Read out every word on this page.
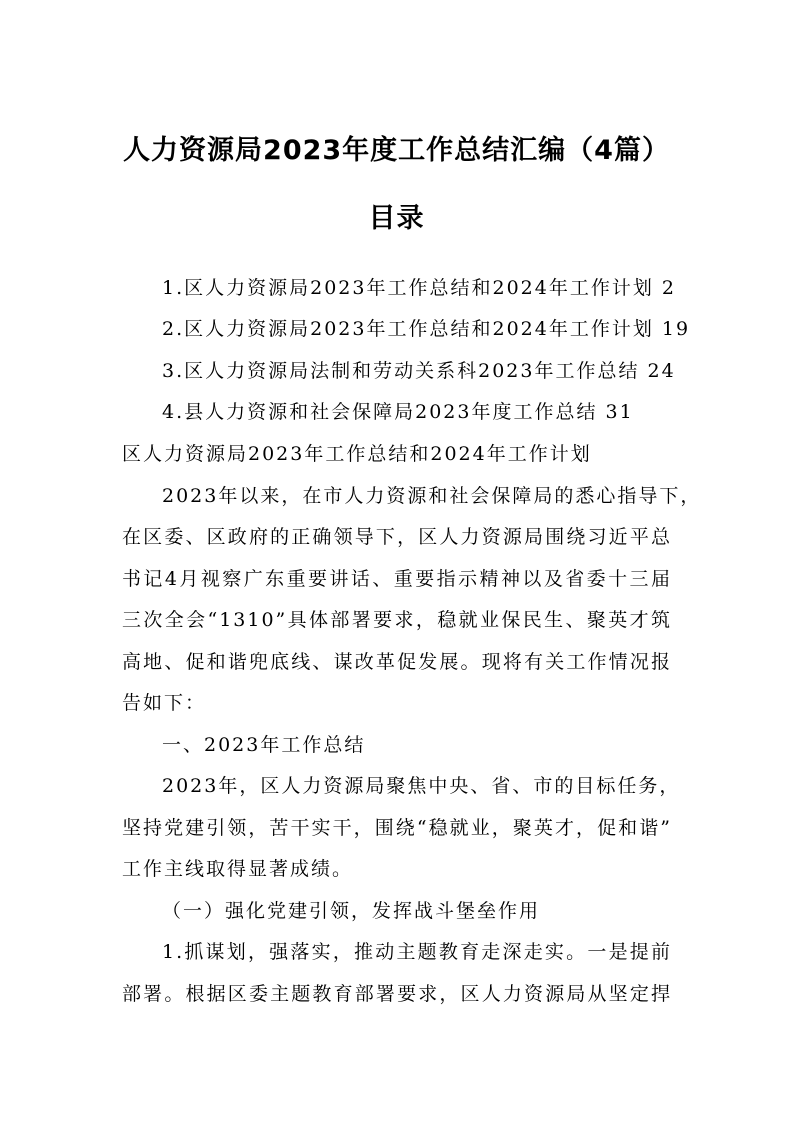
人力资源局2023年度工作总结汇编（4篇）
目录
1.区人力资源局2023年工作总结和2024年工作计划 2
2.区人力资源局2023年工作总结和2024年工作计划 19
3.区人力资源局法制和劳动关系科2023年工作总结 24
4.县人力资源和社会保障局2023年度工作总结 31
区人力资源局2023年工作总结和2024年工作计划
2023年以来，在市人力资源和社会保障局的悉心指导下，
在区委、区政府的正确领导下，区人力资源局围绕习近平总
书记4月视察广东重要讲话、重要指示精神以及省委十三届
三次全会“1310”具体部署要求，稳就业保民生、聚英才筑
高地、促和谐兜底线、谋改革促发展。现将有关工作情况报
告如下：
一、2023年工作总结
2023年，区人力资源局聚焦中央、省、市的目标任务，
坚持党建引领，苦干实干，围绕“稳就业，聚英才，促和谐”
工作主线取得显著成绩。
（一）强化党建引领，发挥战斗堡垒作用
1.抓谋划，强落实，推动主题教育走深走实。一是提前
部署。根据区委主题教育部署要求，区人力资源局从坚定捍
